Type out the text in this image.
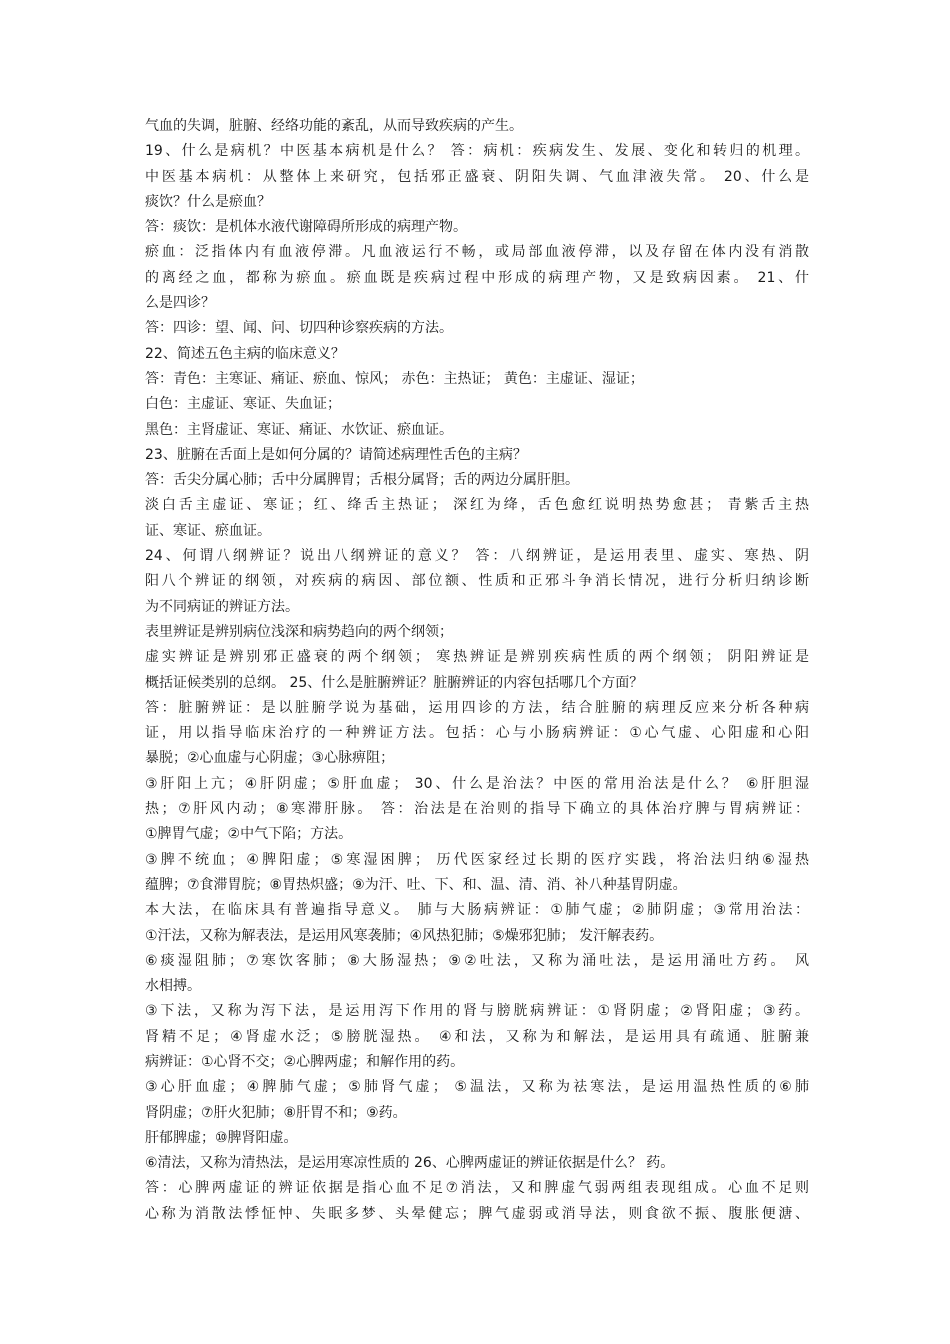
气血的失调，脏腑、经络功能的紊乱，从而导致疾病的产生。
19、什么是病机？中医基本病机是什么？ 答：病机：疾病发生、发展、变化和转归的机理。
中医基本病机：从整体上来研究，包括邪正盛衰、阴阳失调、气血津液失常。 20、什么是
痰饮？什么是瘀血？
答：痰饮：是机体水液代谢障碍所形成的病理产物。
瘀血：泛指体内有血液停滞。凡血液运行不畅，或局部血液停滞，以及存留在体内没有消散
的离经之血，都称为瘀血。瘀血既是疾病过程中形成的病理产物，又是致病因素。 21、什
么是四诊？
答：四诊：望、闻、问、切四种诊察疾病的方法。
22、简述五色主病的临床意义？
答：青色：主寒证、痛证、瘀血、惊风； 赤色：主热证； 黄色：主虚证、湿证；
白色：主虚证、寒证、失血证；
黑色：主肾虚证、寒证、痛证、水饮证、瘀血证。
23、脏腑在舌面上是如何分属的？请简述病理性舌色的主病？
答：舌尖分属心肺；舌中分属脾胃；舌根分属肾；舌的两边分属肝胆。
淡白舌主虚证、寒证；红、绛舌主热证； 深红为绛，舌色愈红说明热势愈甚； 青紫舌主热
证、寒证、瘀血证。
24、何谓八纲辨证？说出八纲辨证的意义？ 答：八纲辨证，是运用表里、虚实、寒热、阴
阳八个辨证的纲领，对疾病的病因、部位额、性质和正邪斗争消长情况，进行分析归纳诊断
为不同病证的辨证方法。
表里辨证是辨别病位浅深和病势趋向的两个纲领；
虚实辨证是辨别邪正盛衰的两个纲领； 寒热辨证是辨别疾病性质的两个纲领； 阴阳辨证是
概括证候类别的总纲。 25、什么是脏腑辨证？脏腑辨证的内容包括哪几个方面？
答：脏腑辨证：是以脏腑学说为基础，运用四诊的方法，结合脏腑的病理反应来分析各种病
证，用以指导临床治疗的一种辨证方法。包括：心与小肠病辨证：①心气虚、心阳虚和心阳
暴脱；②心血虚与心阴虚；③心脉痹阻；
③肝阳上亢；④肝阴虚；⑤肝血虚； 30、什么是治法？中医的常用治法是什么？ ⑥肝胆湿
热；⑦肝风内动；⑧寒滞肝脉。 答：治法是在治则的指导下确立的具体治疗脾与胃病辨证：
①脾胃气虚；②中气下陷；方法。
③脾不统血；④脾阳虚；⑤寒湿困脾； 历代医家经过长期的医疗实践，将治法归纳⑥湿热
蕴脾；⑦食滞胃脘；⑧胃热炽盛；⑨为汗、吐、下、和、温、清、消、补八种基胃阴虚。
本大法，在临床具有普遍指导意义。 肺与大肠病辨证：①肺气虚；②肺阴虚；③常用治法：
①汗法，又称为解表法，是运用风寒袭肺；④风热犯肺；⑤燥邪犯肺； 发汗解表药。
⑥痰湿阻肺；⑦寒饮客肺；⑧大肠湿热；⑨②吐法，又称为涌吐法，是运用涌吐方药。 风
水相搏。
③下法，又称为泻下法，是运用泻下作用的肾与膀胱病辨证：①肾阴虚；②肾阳虚；③药。
肾精不足；④肾虚水泛；⑤膀胱湿热。 ④和法，又称为和解法，是运用具有疏通、脏腑兼
病辨证：①心肾不交；②心脾两虚；和解作用的药。
③心肝血虚；④脾肺气虚；⑤肺肾气虚； ⑤温法，又称为祛寒法，是运用温热性质的⑥肺
肾阴虚；⑦肝火犯肺；⑧肝胃不和；⑨药。
肝郁脾虚；⑩脾肾阳虚。
⑥清法，又称为清热法，是运用寒凉性质的 26、心脾两虚证的辨证依据是什么？ 药。
答：心脾两虚证的辨证依据是指心血不足⑦消法，又和脾虚气弱两组表现组成。心血不足则
心称为消散法悸怔忡、失眠多梦、头晕健忘；脾气虚弱或消导法，则食欲不振、腹胀便溏、
